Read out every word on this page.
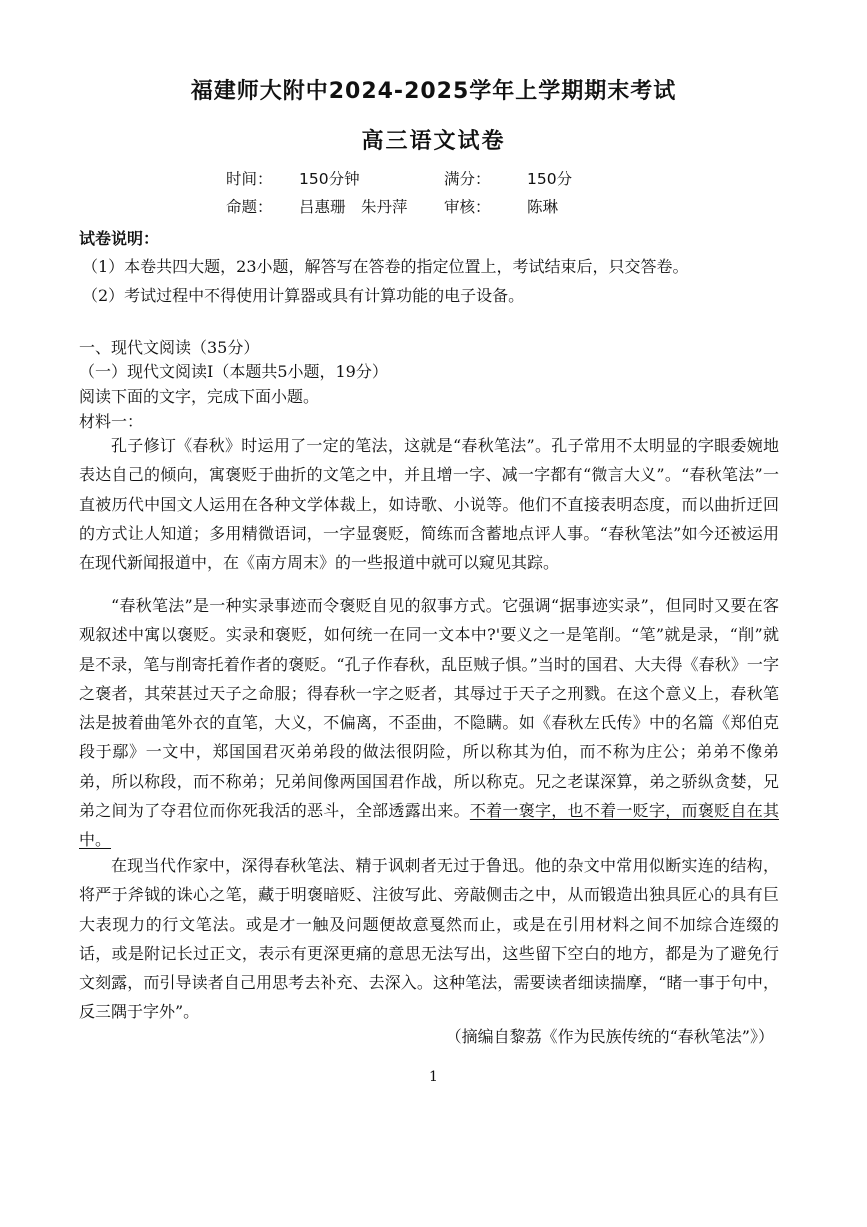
福建师大附中2024-2025学年上学期期末考试
高三语文试卷
时间： 150分钟	满分： 150分
命题： 吕惠珊　朱丹萍 审核： 陈琳
试卷说明：
（1）本卷共四大题，23小题，解答写在答卷的指定位置上，考试结束后，只交答卷。
（2）考试过程中不得使用计算器或具有计算功能的电子设备。
一、现代文阅读（35分）
（一）现代文阅读Ⅰ（本题共5小题，19分）
阅读下面的文字，完成下面小题。
材料一：

孔子修订《春秋》时运用了一定的笔法，这就是“春秋笔法”。孔子常用不太明显的字眼委婉地表达自己的倾向，寓褒贬于曲折的文笔之中，并且增一字、减一字都有“微言大义”。“春秋笔法”一直被历代中国文人运用在各种文学体裁上，如诗歌、小说等。他们不直接表明态度，而以曲折迂回的方式让人知道；多用精微语词，一字显褒贬，简练而含蓄地点评人事。“春秋笔法”如今还被运用在现代新闻报道中，在《南方周末》的一些报道中就可以窥见其踪。

“春秋笔法”是一种实录事迹而令褒贬自见的叙事方式。它强调“据事迹实录”，但同时又要在客观叙述中寓以褒贬。实录和褒贬，如何统一在同一文本中?'要义之一是笔削。“笔”就是录，“削”就是不录，笔与削寄托着作者的褒贬。“孔子作春秋，乱臣贼子惧。”当时的国君、大夫得《春秋》一字之褒者，其荣甚过天子之命服；得春秋一字之贬者，其辱过于天子之刑戮。在这个意义上，春秋笔法是披着曲笔外衣的直笔，大义，不偏离，不歪曲，不隐瞒。如《春秋左氏传》中的名篇《郑伯克段于鄢》一文中，郑国国君灭弟弟段的做法很阴险，所以称其为伯，而不称为庄公；弟弟不像弟弟，所以称段，而不称弟；兄弟间像两国国君作战，所以称克。兄之老谋深算，弟之骄纵贪婪，兄弟之间为了夺君位而你死我活的恶斗，全部透露出来。不着一褒字，也不着一贬字，而褒贬自在其中。

在现当代作家中，深得春秋笔法、精于讽刺者无过于鲁迅。他的杂文中常用似断实连的结构，将严于斧钺的诛心之笔，藏于明褒暗贬、注彼写此、旁敲侧击之中，从而锻造出独具匠心的具有巨大表现力的行文笔法。或是才一触及问题便故意戛然而止，或是在引用材料之间不加综合连缀的话，或是附记长过正文，表示有更深更痛的意思无法写出，这些留下空白的地方，都是为了避免行文刻露，而引导读者自己用思考去补充、去深入。这种笔法，需要读者细读揣摩，“睹一事于句中，反三隅于字外”。

（摘编自黎荔《作为民族传统的“春秋笔法”》）
1
